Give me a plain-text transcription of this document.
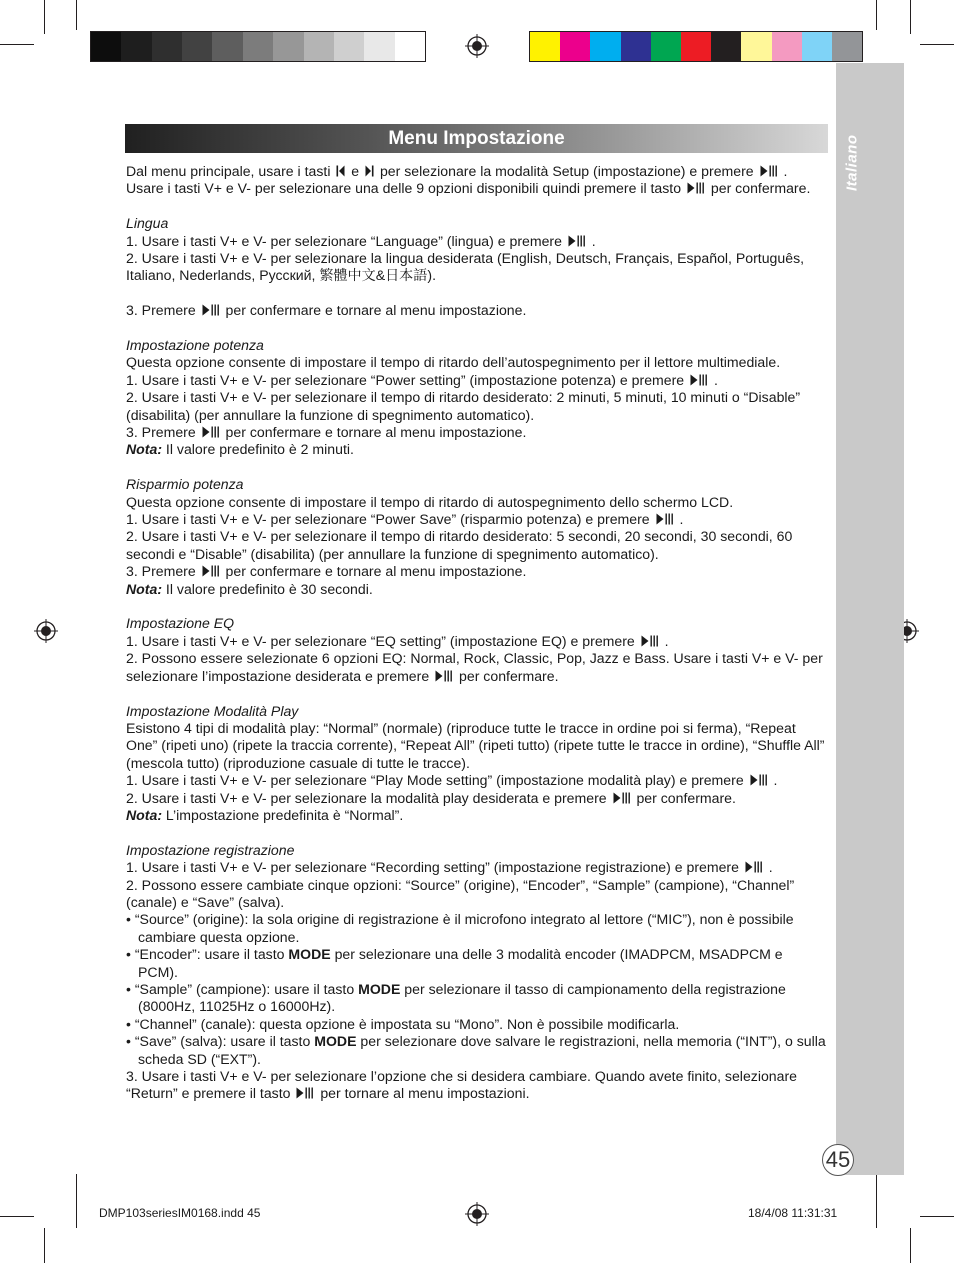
Italiano
Menu Impostazione

Dal menu principale, usare i tasti
e
per selezionare la modalità Setup (impostazione) e premere
.
Usare i tasti V+ e V- per selezionare una delle 9 opzioni disponibili quindi premere il tasto
per confermare.

Lingua

1. Usare i tasti V+ e V- per selezionare “Language” (lingua) e premere
.

2. Usare i tasti V+ e V- per selezionare la lingua desiderata (English, Deutsch, Français, Español, Português, Italiano, Nederlands, Русский, 繁體中文&日本語).

3. Premere
per confermare e tornare al menu impostazione.

Impostazione potenza

Questa opzione consente di impostare il tempo di ritardo dell’autospegnimento per il lettore multimediale.

1. Usare i tasti V+ e V- per selezionare “Power setting” (impostazione potenza) e premere
.

2. Usare i tasti V+ e V- per selezionare il tempo di ritardo desiderato: 2 minuti, 5 minuti, 10 minuti o “Disable” (disabilita) (per annullare la funzione di spegnimento automatico).

3. Premere
per confermare e tornare al menu impostazione.

Nota: Il valore predefinito è 2 minuti.

Risparmio potenza

Questa opzione consente di impostare il tempo di ritardo di autospegnimento dello schermo LCD.

1. Usare i tasti V+ e V- per selezionare “Power Save” (risparmio potenza) e premere
.

2. Usare i tasti V+ e V- per selezionare il tempo di ritardo desiderato: 5 secondi, 20 secondi, 30 secondi, 60 secondi e “Disable” (disabilita) (per annullare la funzione di spegnimento automatico).

3. Premere
per confermare e tornare al menu impostazione.

Nota: Il valore predefinito è 30 secondi.

Impostazione EQ

1. Usare i tasti V+ e V- per selezionare “EQ setting” (impostazione EQ) e premere
.

2. Possono essere selezionate 6 opzioni EQ: Normal, Rock, Classic, Pop, Jazz e Bass. Usare i tasti V+ e V- per selezionare l’impostazione desiderata e premere
per confermare.

Impostazione Modalità Play

Esistono 4 tipi di modalità play: “Normal” (normale) (riproduce tutte le tracce in ordine poi si ferma), “Repeat One” (ripeti uno) (ripete la traccia corrente), “Repeat All” (ripeti tutto) (ripete tutte le tracce in ordine), “Shuffle All” (mescola tutto) (riproduzione casuale di tutte le tracce).

1. Usare i tasti V+ e V- per selezionare “Play Mode setting” (impostazione modalità play) e premere
.

2. Usare i tasti V+ e V- per selezionare la modalità play desiderata e premere
per confermare.

Nota: L’impostazione predefinita è “Normal”.

Impostazione registrazione

1. Usare i tasti V+ e V- per selezionare “Recording setting” (impostazione registrazione) e premere
.

2. Possono essere cambiate cinque opzioni: “Source” (origine), “Encoder”, “Sample” (campione), “Channel” (canale) e “Save” (salva).

• “Source” (origine): la sola origine di registrazione è il microfono integrato al lettore (“MIC”), non è possibile cambiare questa opzione.

• “Encoder”: usare il tasto MODE per selezionare una delle 3 modalità encoder (IMADPCM, MSADPCM e PCM).

• “Sample” (campione): usare il tasto MODE per selezionare il tasso di campionamento della registrazione (8000Hz, 11025Hz o 16000Hz).

• “Channel” (canale): questa opzione è impostata su “Mono”. Non è possibile modificarla.

• “Save” (salva): usare il tasto MODE per selezionare dove salvare le registrazioni, nella memoria (“INT”), o sulla scheda SD (“EXT”).

3. Usare i tasti V+ e V- per selezionare l’opzione che si desidera cambiare. Quando avete finito, selezionare “Return” e premere il tasto
per tornare al menu impostazioni.

45
DMP103seriesIM0168.indd 45	18/4/08 11:31:31
